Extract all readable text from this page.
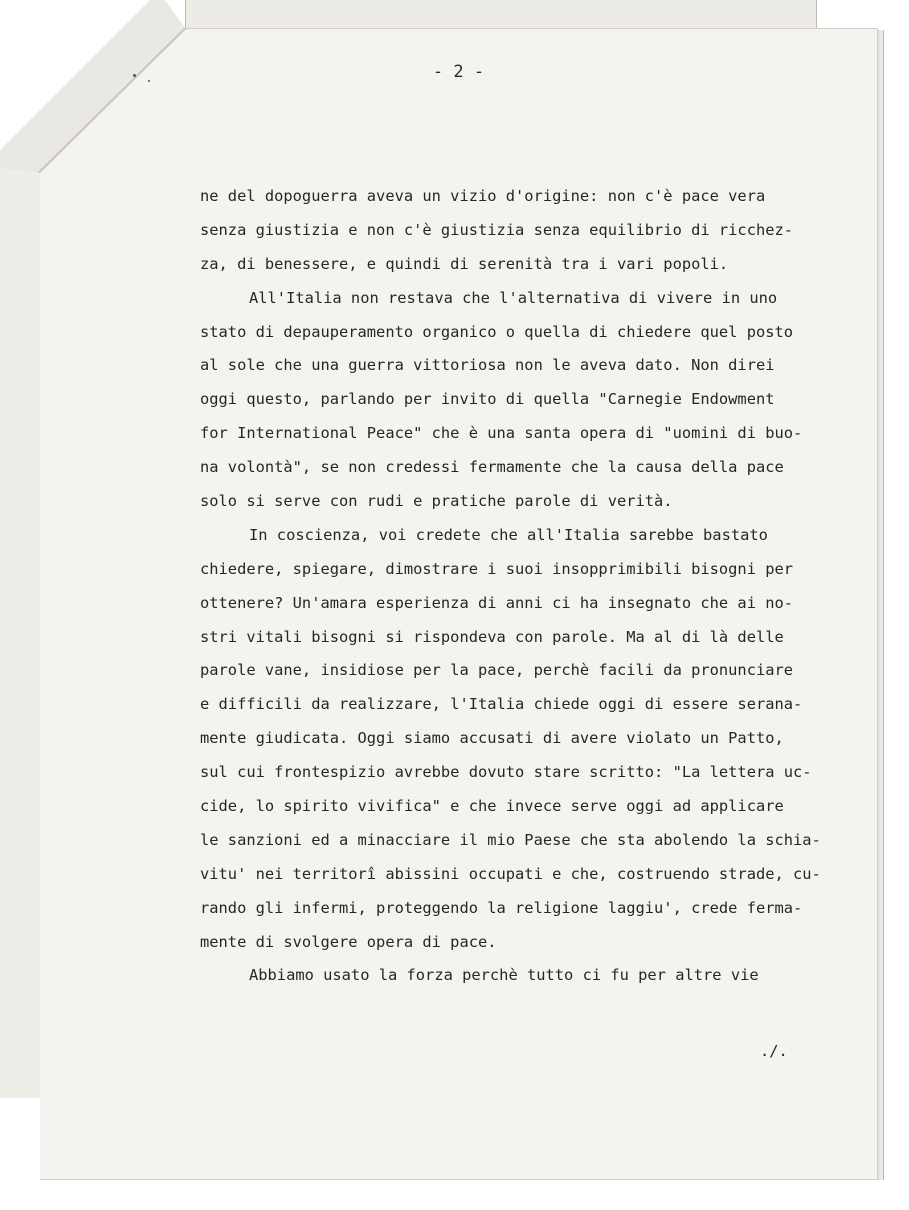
- 2 -
ne del dopoguerra aveva un vizio d'origine: non c'è pace vera
senza giustizia e non c'è giustizia senza equilibrio di ricchez-
za, di benessere, e quindi di serenità tra i vari popoli.
All'Italia non restava che l'alternativa di vivere in uno
stato di depauperamento organico o quella di chiedere quel posto
al sole che una guerra vittoriosa non le aveva dato. Non direi
oggi questo, parlando per invito di quella "Carnegie Endowment
for International Peace" che è una santa opera di "uomini di buo-
na volontà", se non credessi fermamente che la causa della pace
solo si serve con rudi e pratiche parole di verità.
In coscienza, voi credete che all'Italia sarebbe bastato
chiedere, spiegare, dimostrare i suoi insopprimibili bisogni per
ottenere? Un'amara esperienza di anni ci ha insegnato che ai no-
stri vitali bisogni si rispondeva con parole. Ma al di là delle
parole vane, insidiose per la pace, perchè facili da pronunciare
e difficili da realizzare, l'Italia chiede oggi di essere serana-
mente giudicata. Oggi siamo accusati di avere violato un Patto,
sul cui frontespizio avrebbe dovuto stare scritto: "La lettera uc-
cide, lo spirito vivifica" e che invece serve oggi ad applicare
le sanzioni ed a minacciare il mio Paese che sta abolendo la schia-
vitu' nei territorî abissini occupati e che, costruendo strade, cu-
rando gli infermi, proteggendo la religione laggiu', crede ferma-
mente di svolgere opera di pace.
Abbiamo usato la forza perchè tutto ci fu per altre vie
./.
